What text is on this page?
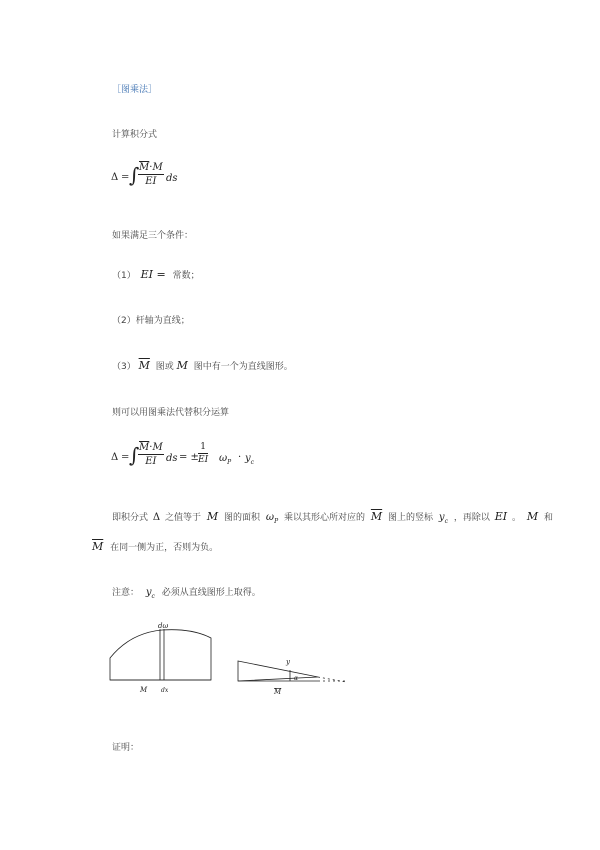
［图乘法］
计算积分式
Δ = ∫
$\frac{\overline{M}\cdot M}{EI}$ ds
如果满足三个条件：
（1） EI = 常数；
（2）杆轴为直线；
（3） $\overline{M}$ 图或 M 图中有一个为直线图形。
则可以用图乘法代替积分运算
Δ = ∫
$\frac{\overline{M}\cdot M}{EI}$ ds = ± $\frac{1}{EI} \omega_P \cdot y_c$
即积分式 Δ 之值等于 M 图的面积 $\omega_P$ 乘以其形心所对应的 $\overline{M}$ 图上的竖标 $y_c$ ，再除以 EI 。 M 和
$\overline{M}$ 在同一侧为正，否则为负。
注意： $y_c$ 必须从直线图形上取得。
dω
M dx
y
α
M
证明：
